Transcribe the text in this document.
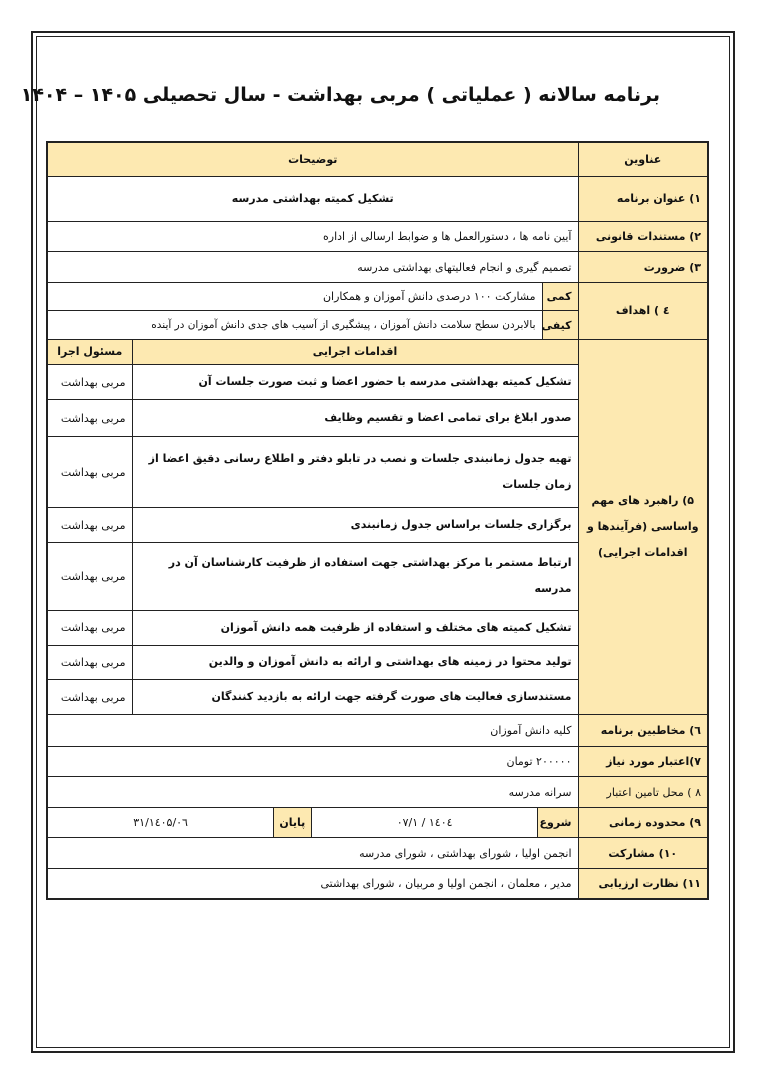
برنامه سالانه ( عملیاتی ) مربی بهداشت - سال تحصیلی ۱۴۰۵ – ۱۴۰۴
عناوین	توضیحات
۱) عنوان برنامه	تشکیل کمیته بهداشتی مدرسه
۲) مستندات قانونی	آیین نامه ها ، دستورالعمل ها و ضوابط ارسالی از اداره
۳) ضرورت	تصمیم گیری و انجام فعالیتهای بهداشتی مدرسه
٤ ) اهداف	کمی	مشارکت ۱۰۰ درصدی دانش آموزان و همکاران
کیفی	بالابردن سطح سلامت دانش آموزان ، پیشگیری از آسیب های جدی دانش آموزان در آینده
۵) راهبرد های مهم واساسی (فرآیندها و اقدامات اجرایی)	
اقدامات اجرایی	مسئول اجرا
تشکیل کمیته بهداشتی مدرسه با حضور اعضا و ثبت صورت جلسات آن	مربی بهداشت
صدور ابلاغ برای تمامی اعضا و تقسیم وظایف	مربی بهداشت
تهیه جدول زمانبندی جلسات و نصب در تابلو دفتر و اطلاع رسانی دقیق اعضا از زمان جلسات	مربی بهداشت
برگزاری جلسات براساس جدول زمانبندی	مربی بهداشت
ارتباط مستمر با مرکز بهداشتی جهت استفاده از ظرفیت کارشناسان آن در مدرسه	مربی بهداشت
تشکیل کمیته های مختلف و استفاده از ظرفیت همه دانش آموزان	مربی بهداشت
تولید محتوا در زمینه های بهداشتی و ارائه به دانش آموزان و والدین	مربی بهداشت
مستندسازی فعالیت های صورت گرفته جهت ارائه به بازدید کنندگان	مربی بهداشت

٦) مخاطبین برنامه	کلیه دانش آموزان
۷)اعتبار مورد نیاز	۲۰۰۰۰۰ تومان
۸ ) محل تامین اعتبار	سرانه مدرسه
۹) محدوده زمانی	
شروع	۱٤۰٤ / ۰۷/۱	پایان	۱٤۰۵/۰٦/۳۱

۱۰) مشارکت	انجمن اولیا ، شورای بهداشتی ، شورای مدرسه
۱۱) نظارت ارزیابی	مدیر ، معلمان ، انجمن اولیا و مربیان ، شورای بهداشتی
